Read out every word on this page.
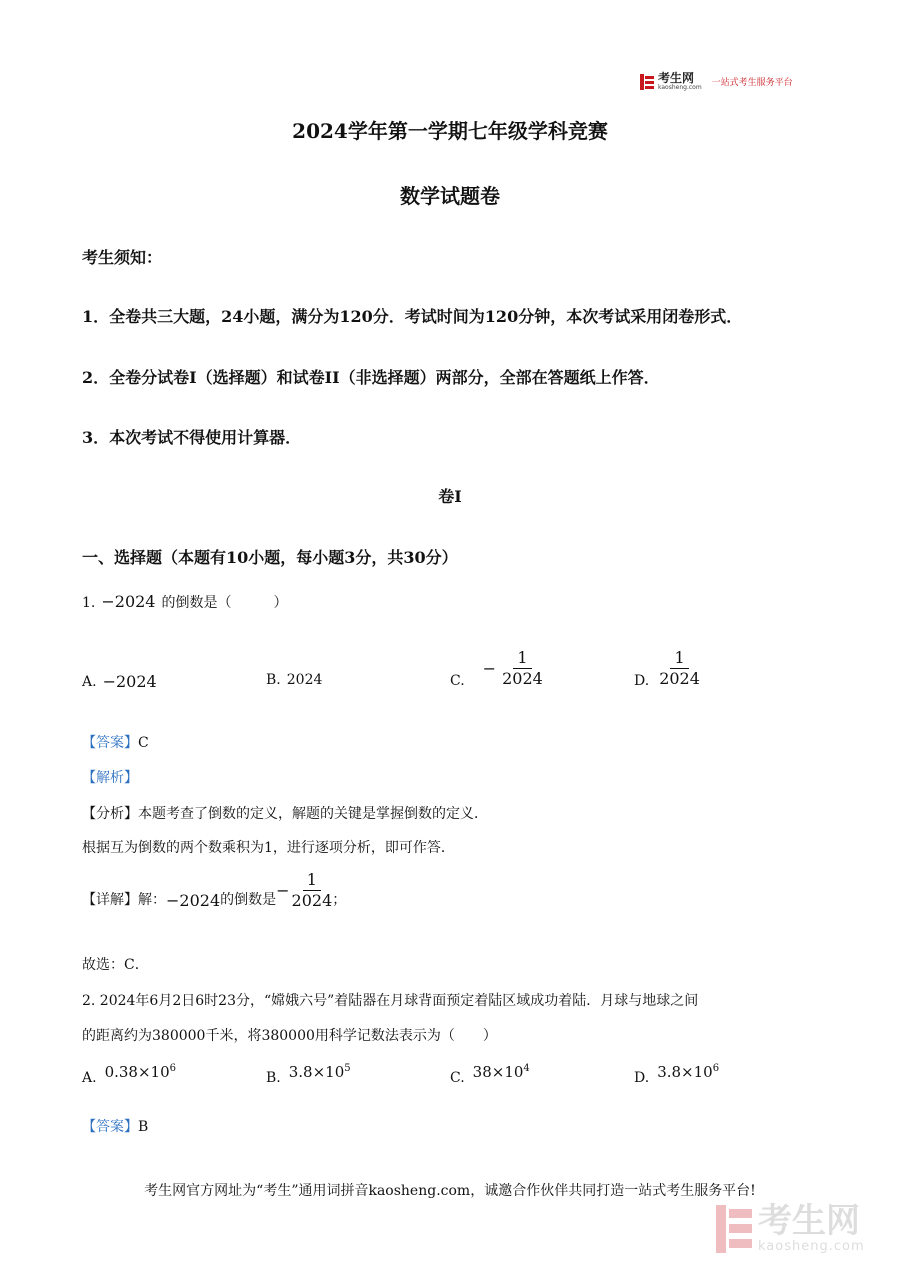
考生网
kaosheng.com 一站式考生服务平台
2024学年第一学期七年级学科竞赛
数学试题卷
考生须知：
1．全卷共三大题，24小题，满分为120分．考试时间为120分钟，本次考试采用闭卷形式．
2．全卷分试卷I（选择题）和试卷II（非选择题）两部分，全部在答题纸上作答．
3．本次考试不得使用计算器．
卷I
一、选择题（本题有10小题，每小题3分，共30分）
1. −2024 的倒数是（　　　）
A. −2024	B. 2024	C.
− $\frac{1}{2024}$	D. $\frac{1}{2024}$
【答案】C
【解析】
【分析】本题考查了倒数的定义，解题的关键是掌握倒数的定义．
根据互为倒数的两个数乘积为1，进行逐项分析，即可作答．
【详解】 解： −2024 的倒数是 − $\frac{1}{2024}$ ；
故选：C．
2. 2024年6月2日6时23分，“嫦娥六号”着陆器在月球背面预定着陆区域成功着陆．月球与地球之间
的距离约为380000千米，将380000用科学记数法表示为（　　）
A. $0.38\times 10^6$
B. $3.8\times 10^5$
C. $38\times 10^4$
D. $3.8\times 10^6$
【答案】B
考生网官方网址为“考生”通用词拼音kaosheng.com，诚邀合作伙伴共同打造一站式考生服务平台!
考生网
kaosheng.com
